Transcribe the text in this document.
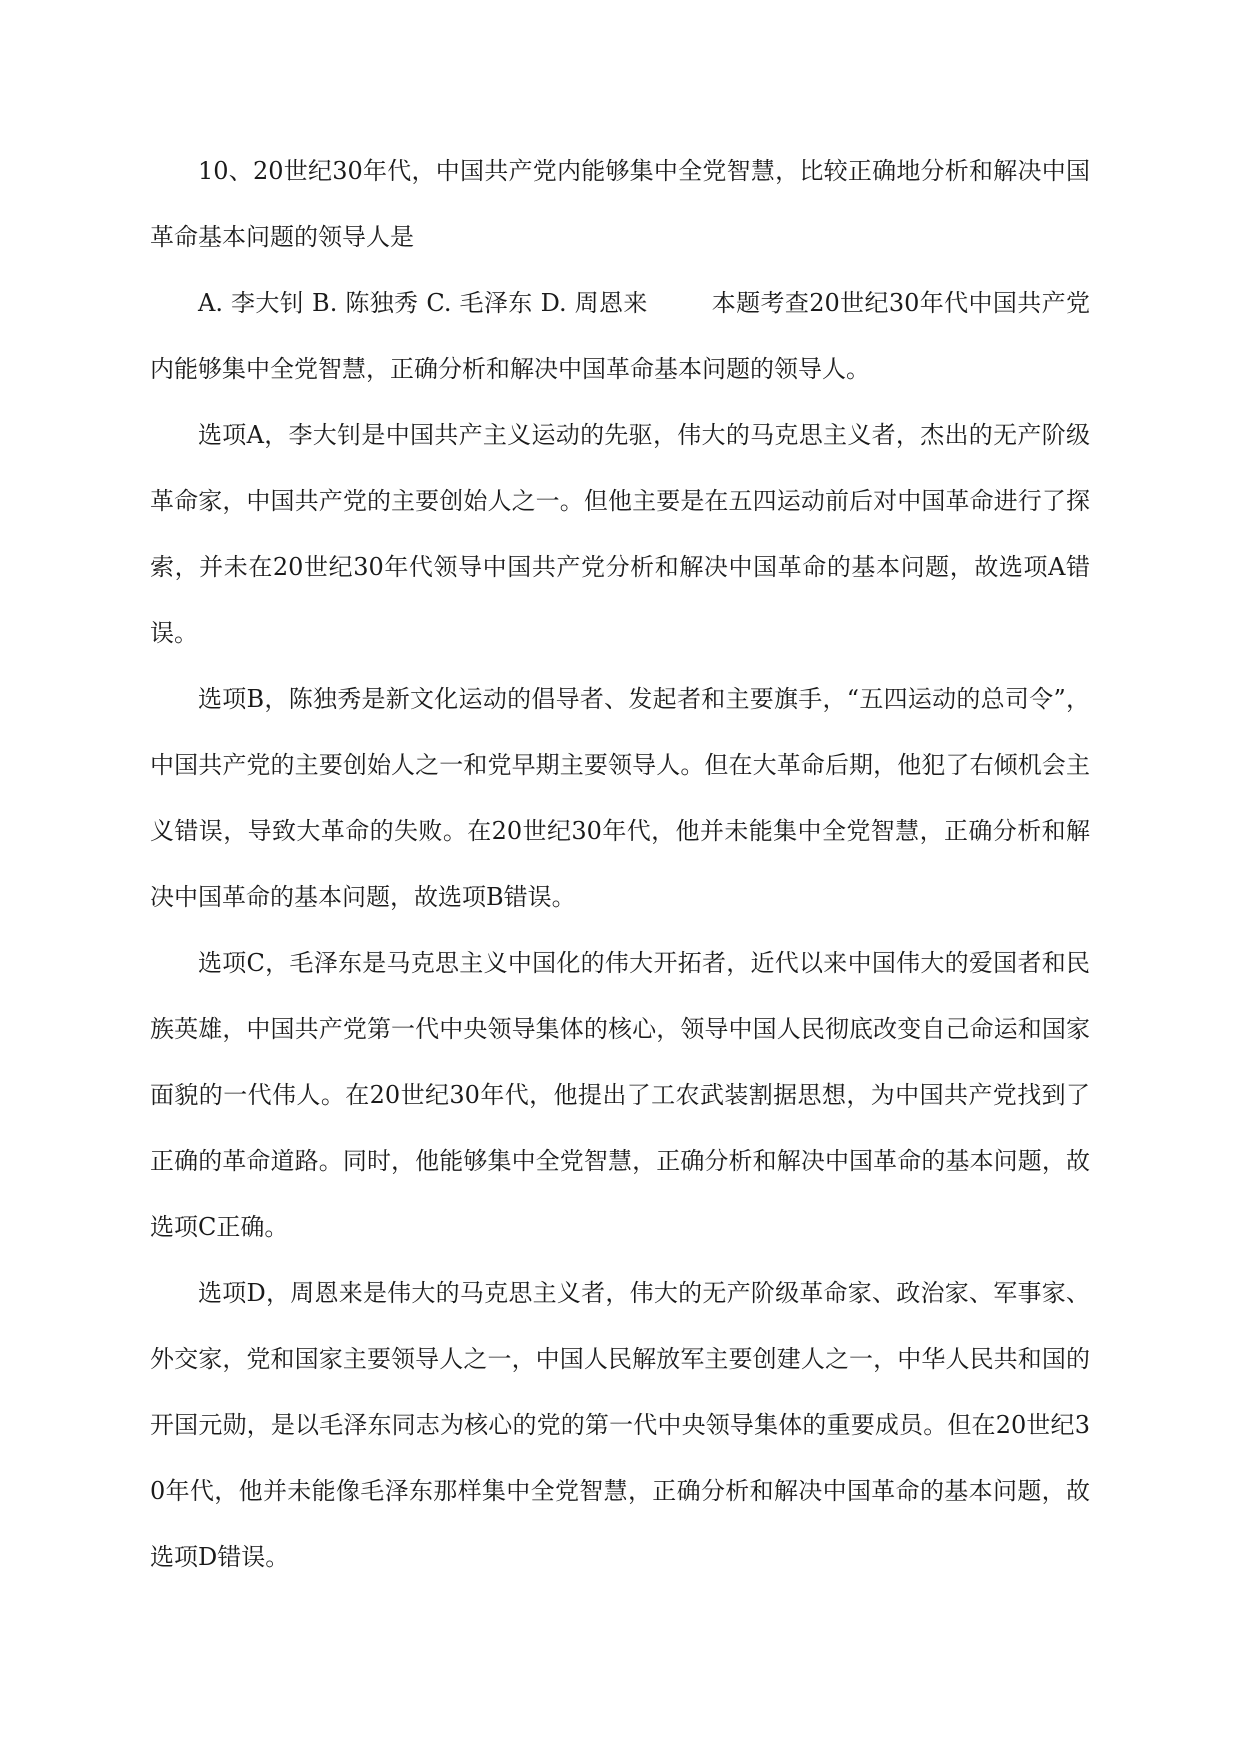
10、20世纪30年代，中国共产党内能够集中全党智慧，比较正确地分析和解决中国革命基本问题的领导人是

A. 李大钊 B. 陈独秀 C. 毛泽东 D. 周恩来        本题考查20世纪30年代中国共产党内能够集中全党智慧，正确分析和解决中国革命基本问题的领导人。

选项A，李大钊是中国共产主义运动的先驱，伟大的马克思主义者，杰出的无产阶级革命家，中国共产党的主要创始人之一。但他主要是在五四运动前后对中国革命进行了探索，并未在20世纪30年代领导中国共产党分析和解决中国革命的基本问题，故选项A错误。

选项B，陈独秀是新文化运动的倡导者、发起者和主要旗手，“五四运动的总司令”，中国共产党的主要创始人之一和党早期主要领导人。但在大革命后期，他犯了右倾机会主义错误，导致大革命的失败。在20世纪30年代，他并未能集中全党智慧，正确分析和解决中国革命的基本问题，故选项B错误。

选项C，毛泽东是马克思主义中国化的伟大开拓者，近代以来中国伟大的爱国者和民族英雄，中国共产党第一代中央领导集体的核心，领导中国人民彻底改变自己命运和国家面貌的一代伟人。在20世纪30年代，他提出了工农武装割据思想，为中国共产党找到了正确的革命道路。同时，他能够集中全党智慧，正确分析和解决中国革命的基本问题，故选项C正确。

选项D，周恩来是伟大的马克思主义者，伟大的无产阶级革命家、政治家、军事家、外交家，党和国家主要领导人之一，中国人民解放军主要创建人之一，中华人民共和国的开国元勋，是以毛泽东同志为核心的党的第一代中央领导集体的重要成员。但在20世纪30年代，他并未能像毛泽东那样集中全党智慧，正确分析和解决中国革命的基本问题，故选项D错误。
